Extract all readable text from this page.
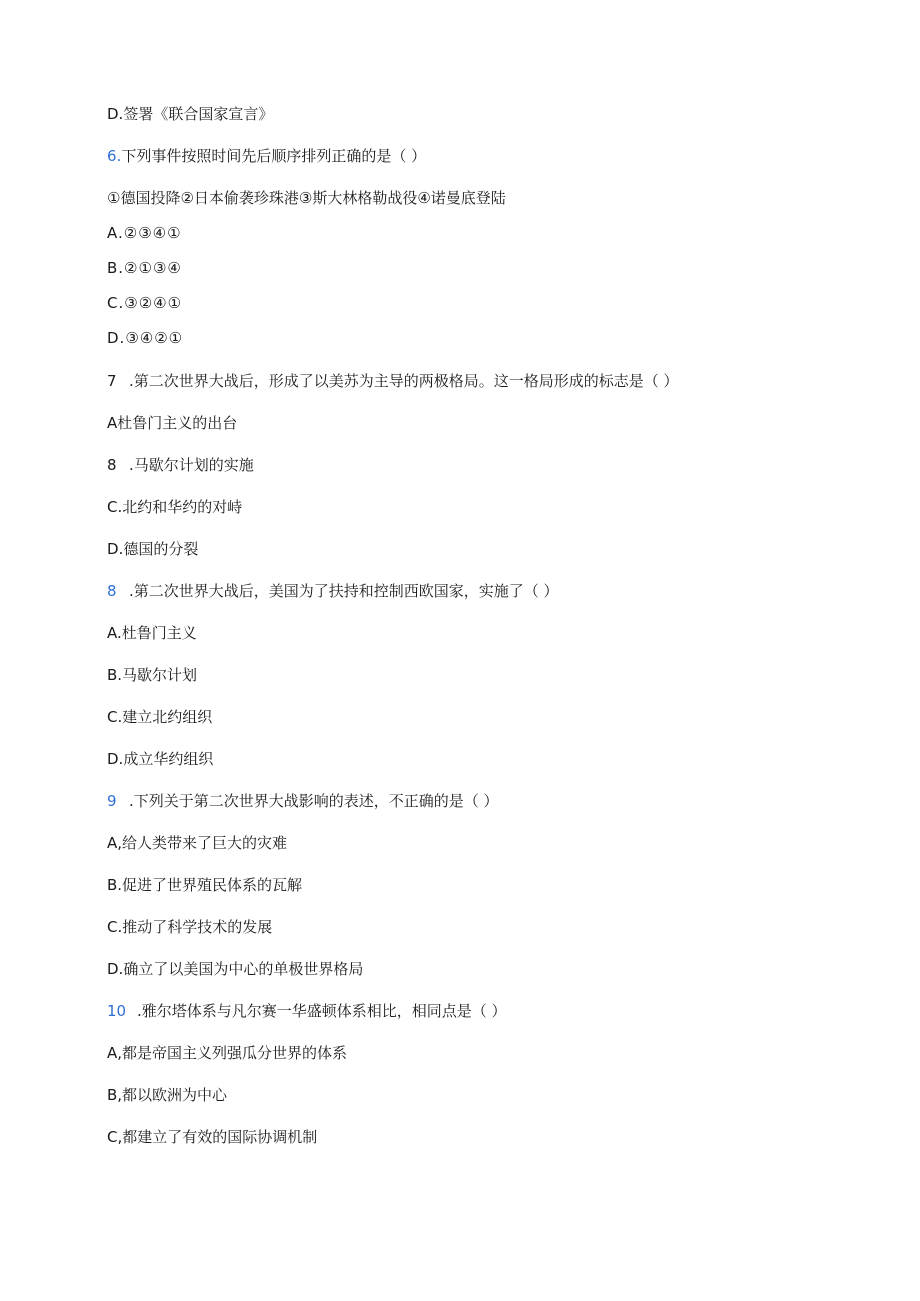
D.签署《联合国家宣言》
6.下列事件按照时间先后顺序排列正确的是（ ）
①德国投降②日本偷袭珍珠港③斯大林格勒战役④诺曼底登陆
A.②③④①
B.②①③④
C.③②④①
D.③④②①
7 .第二次世界大战后，形成了以美苏为主导的两极格局。这一格局形成的标志是（ ）
A杜鲁门主义的出台
8 .马歇尔计划的实施
C.北约和华约的对峙
D.德国的分裂
8 .第二次世界大战后，美国为了扶持和控制西欧国家，实施了（ ）
A.杜鲁门主义
B.马歇尔计划
C.建立北约组织
D.成立华约组织
9 .下列关于第二次世界大战影响的表述，不正确的是（ ）
A,给人类带来了巨大的灾难
B.促进了世界殖民体系的瓦解
C.推动了科学技术的发展
D.确立了以美国为中心的单极世界格局
10 .雅尔塔体系与凡尔赛一华盛顿体系相比，相同点是（ ）
A,都是帝国主义列强瓜分世界的体系
B,都以欧洲为中心
C,都建立了有效的国际协调机制
